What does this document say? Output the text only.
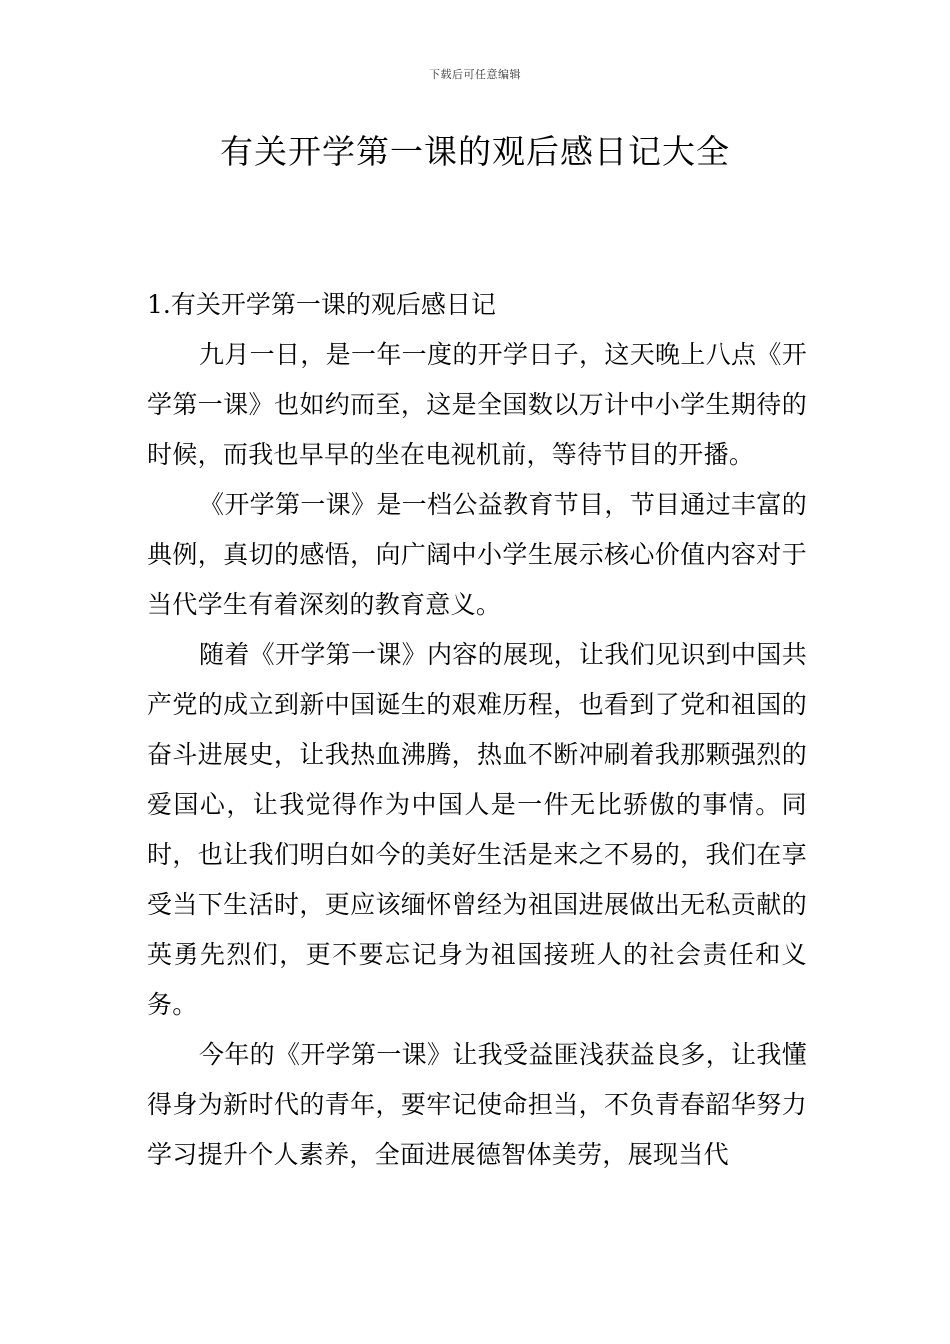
下载后可任意编辑
有关开学第一课的观后感日记大全

1.有关开学第一课的观后感日记

九月一日，是一年一度的开学日子，这天晚上八点《开学第一课》也如约而至，这是全国数以万计中小学生期待的时候，而我也早早的坐在电视机前，等待节目的开播。

《开学第一课》是一档公益教育节目，节目通过丰富的典例，真切的感悟，向广阔中小学生展示核心价值内容对于当代学生有着深刻的教育意义。

随着《开学第一课》内容的展现，让我们见识到中国共产党的成立到新中国诞生的艰难历程，也看到了党和祖国的奋斗进展史，让我热血沸腾，热血不断冲刷着我那颗强烈的爱国心，让我觉得作为中国人是一件无比骄傲的事情。同时，也让我们明白如今的美好生活是来之不易的，我们在享受当下生活时，更应该缅怀曾经为祖国进展做出无私贡献的英勇先烈们，更不要忘记身为祖国接班人的社会责任和义务。

今年的《开学第一课》让我受益匪浅获益良多，让我懂得身为新时代的青年，要牢记使命担当，不负青春韶华努力学习提升个人素养，全面进展德智体美劳，展现当代
